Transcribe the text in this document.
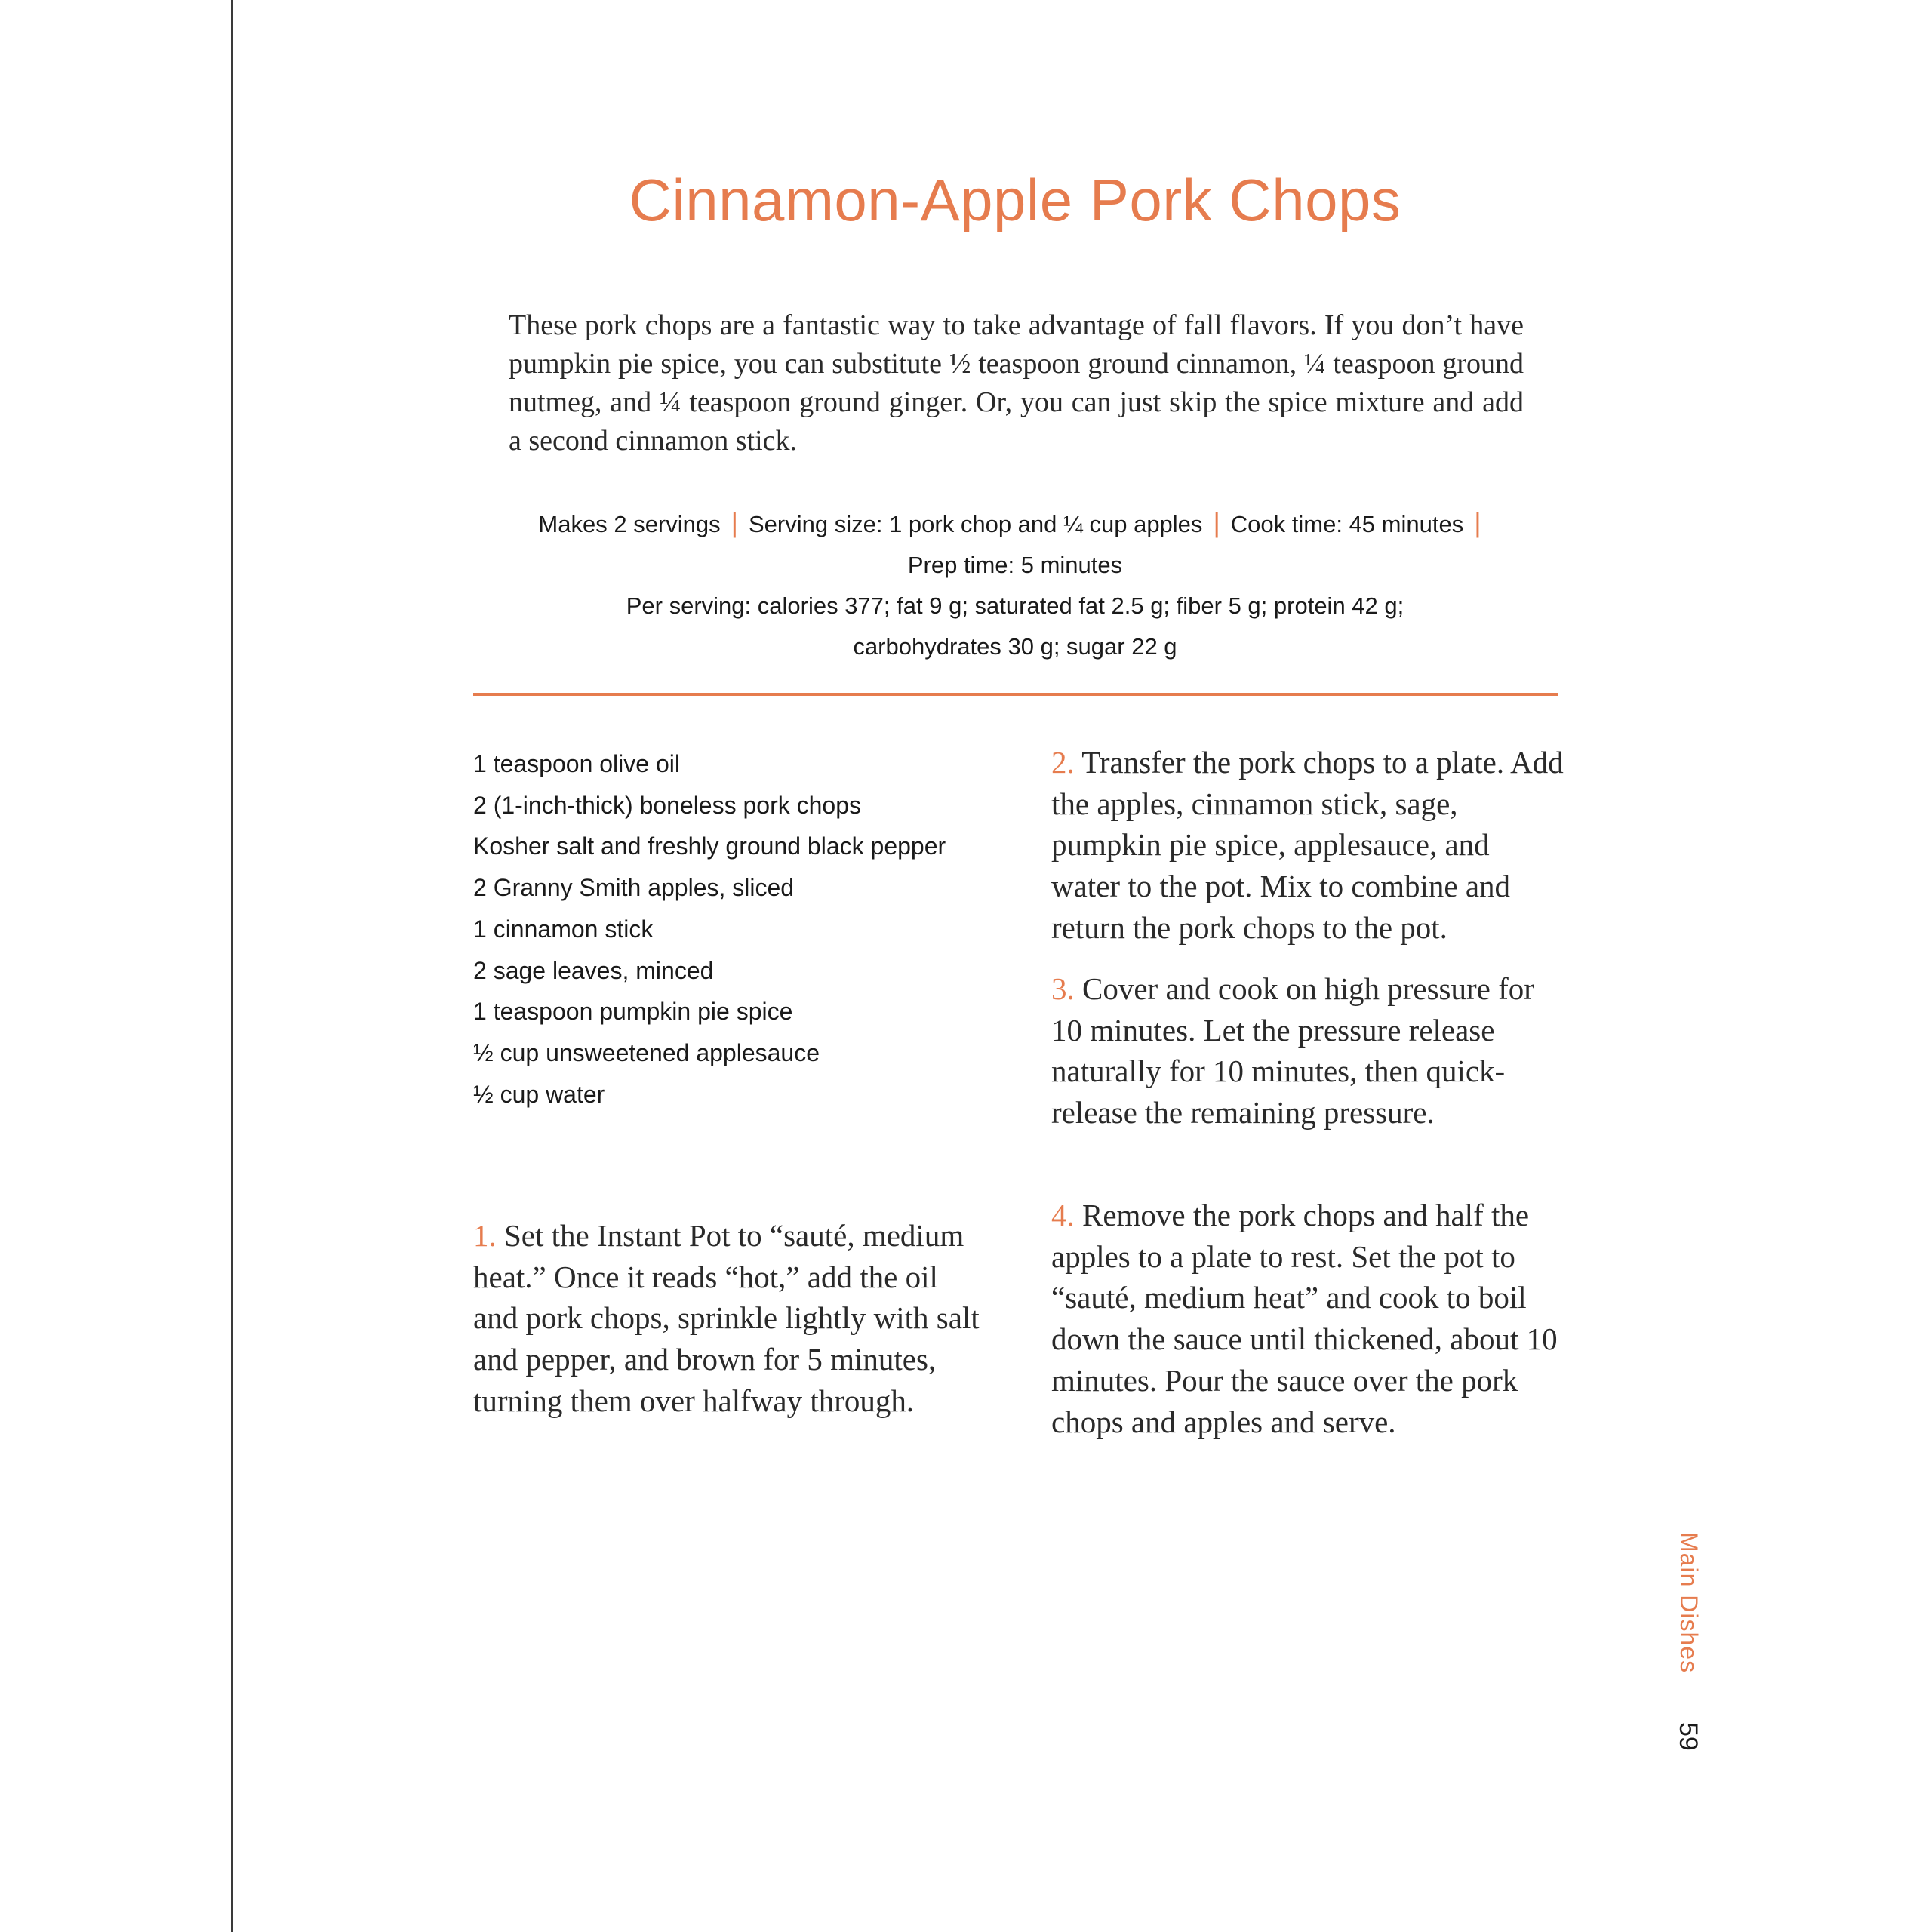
Cinnamon-Apple Pork Chops

These pork chops are a fantastic way to take advantage of fall flavors. If you don’t have pumpkin pie spice, you can substitute ½ teaspoon ground cinnamon, ¼ teaspoon ground nutmeg, and ¼ teaspoon ground ginger. Or, you can just skip the spice mixture and add a second cinnamon stick.

Makes 2 servings | Serving size: 1 pork chop and ¼ cup apples | Cook time: 45 minutes |
Prep time: 5 minutes
Per serving: calories 377; fat 9 g; saturated fat 2.5 g; fiber 5 g; protein 42 g;
carbohydrates 30 g; sugar 22 g
1 teaspoon olive oil
2 (1-inch-thick) boneless pork chops
Kosher salt and freshly ground black pepper
2 Granny Smith apples, sliced
1 cinnamon stick
2 sage leaves, minced
1 teaspoon pumpkin pie spice
½ cup unsweetened applesauce
½ cup water

1. Set the Instant Pot to “sauté, medium heat.” Once it reads “hot,” add the oil and pork chops, sprinkle lightly with salt and pepper, and brown for 5 minutes, turning them over halfway through.

2. Transfer the pork chops to a plate. Add the apples, cinnamon stick, sage, pumpkin pie spice, applesauce, and water to the pot. Mix to combine and return the pork chops to the pot.

3. Cover and cook on high pressure for 10 minutes. Let the pressure release naturally for 10 minutes, then quick-release the remaining pressure.

4. Remove the pork chops and half the apples to a plate to rest. Set the pot to “sauté, medium heat” and cook to boil down the sauce until thickened, about 10 minutes. Pour the sauce over the pork chops and apples and serve.

Main Dishes
59
